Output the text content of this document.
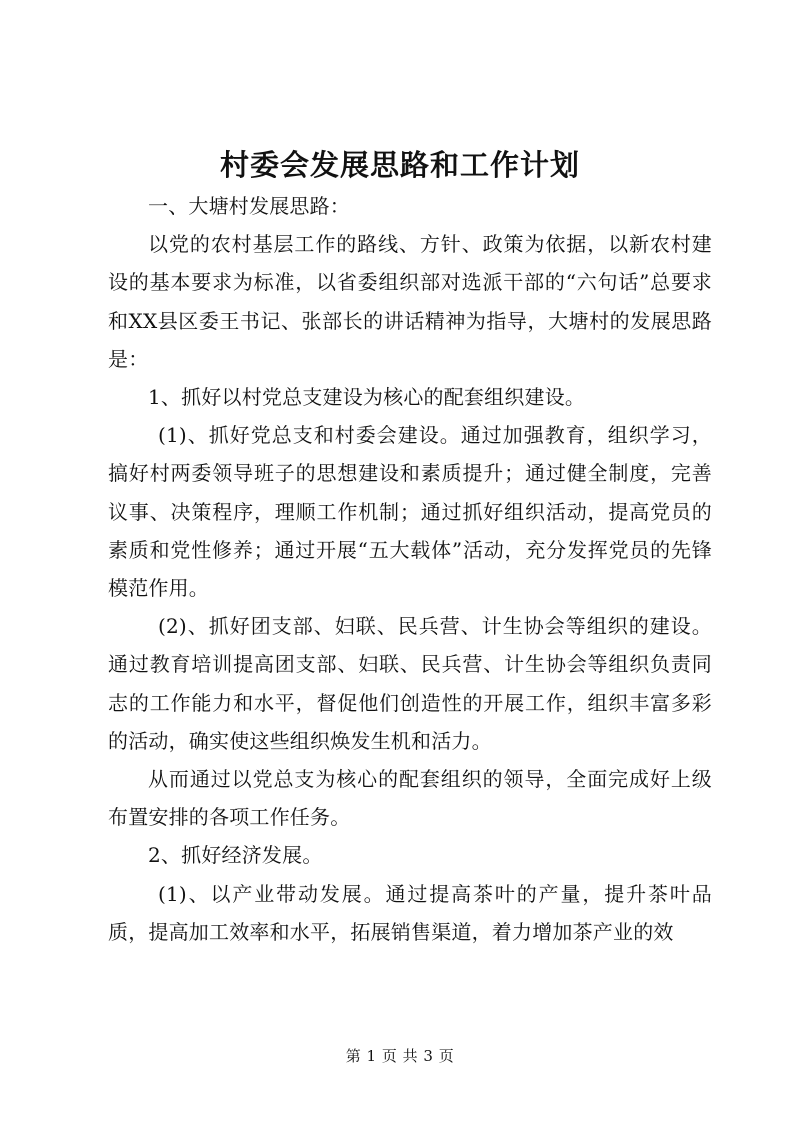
村委会发展思路和工作计划

一、大塘村发展思路：

以党的农村基层工作的路线、方针、政策为依据，以新农村建设的基本要求为标准，以省委组织部对选派干部的“六句话”总要求和XX县区委王书记、张部长的讲话精神为指导，大塘村的发展思路是：

1、抓好以村党总支建设为核心的配套组织建设。

(1)、抓好党总支和村委会建设。通过加强教育，组织学习，搞好村两委领导班子的思想建设和素质提升；通过健全制度，完善议事、决策程序，理顺工作机制；通过抓好组织活动，提高党员的素质和党性修养；通过开展“五大载体”活动，充分发挥党员的先锋模范作用。

(2)、抓好团支部、妇联、民兵营、计生协会等组织的建设。通过教育培训提高团支部、妇联、民兵营、计生协会等组织负责同志的工作能力和水平，督促他们创造性的开展工作，组织丰富多彩的活动，确实使这些组织焕发生机和活力。

从而通过以党总支为核心的配套组织的领导，全面完成好上级布置安排的各项工作任务。

2、抓好经济发展。

(1)、以产业带动发展。通过提高茶叶的产量，提升茶叶品质，提高加工效率和水平，拓展销售渠道，着力增加茶产业的效

第 1 页 共 3 页
